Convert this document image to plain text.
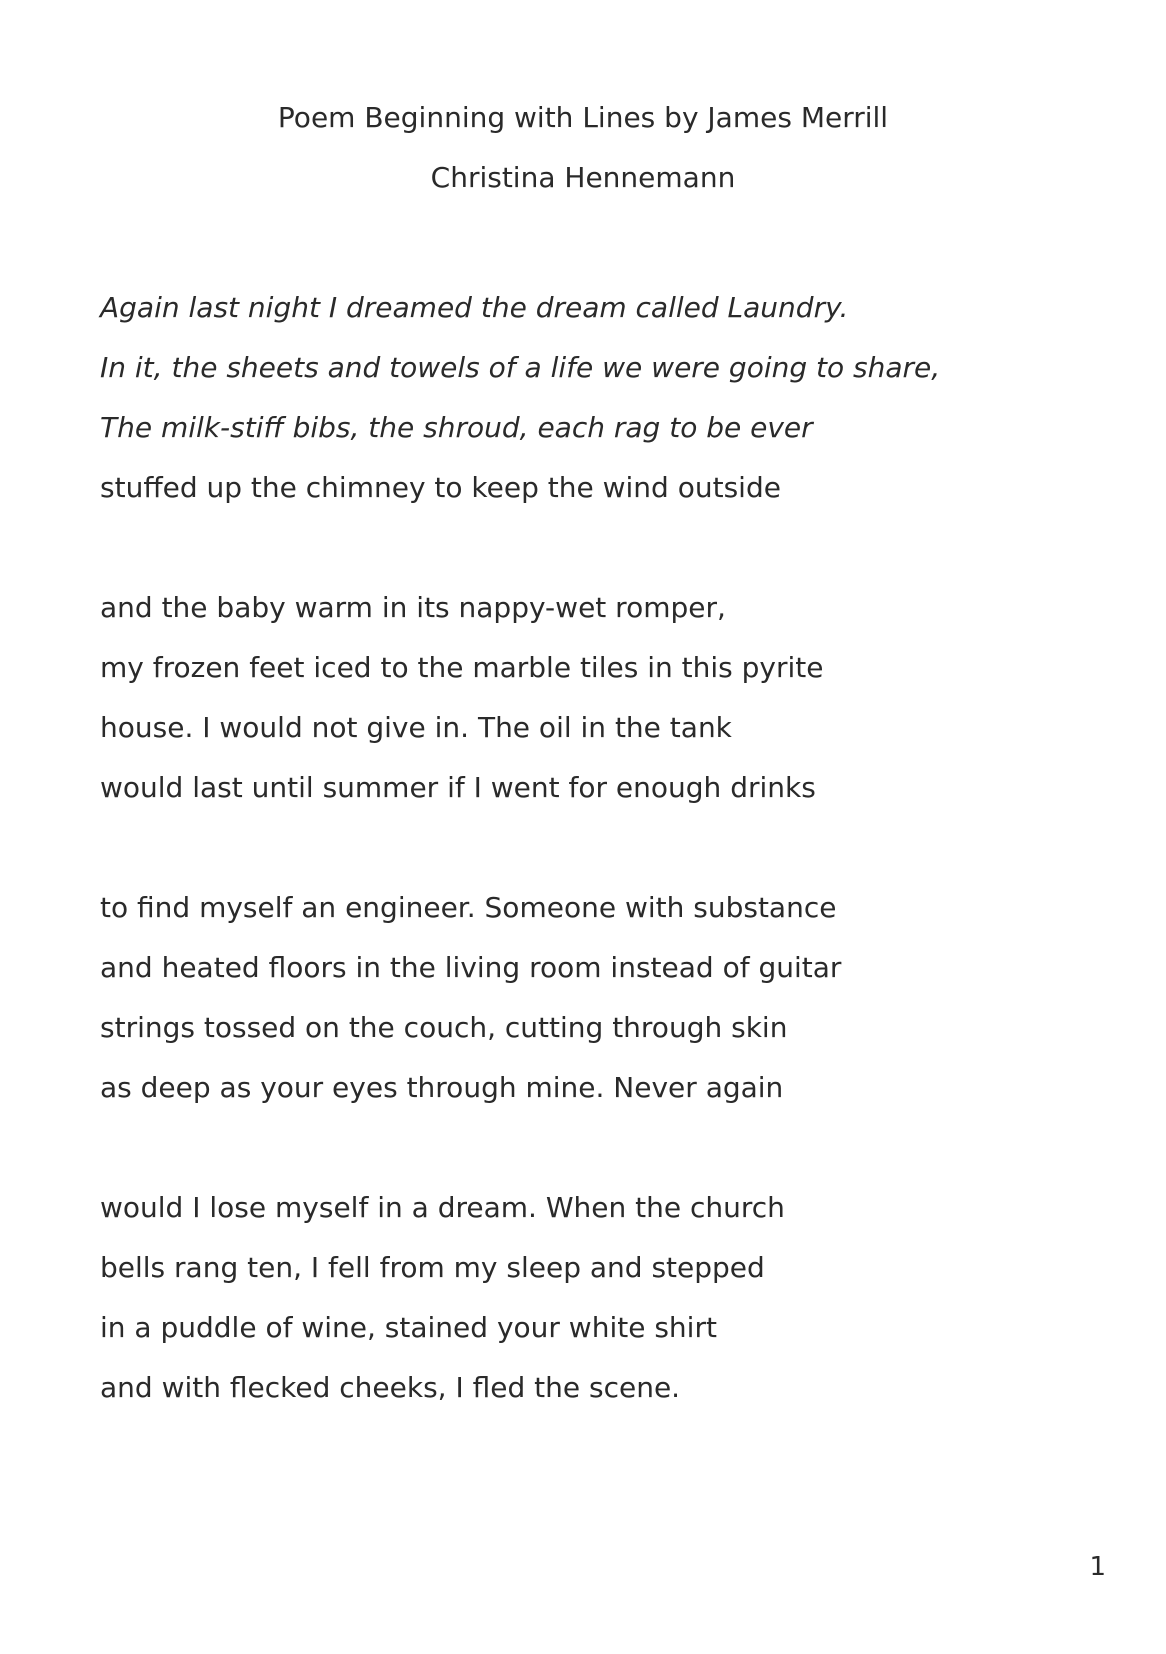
Poem Beginning with Lines by James Merrill
Christina Hennemann
Again last night I dreamed the dream called Laundry.
In it, the sheets and towels of a life we were going to share,
The milk-stiff bibs, the shroud, each rag to be ever
stuffed up the chimney to keep the wind outside
and the baby warm in its nappy-wet romper,
my frozen feet iced to the marble tiles in this pyrite
house. I would not give in. The oil in the tank
would last until summer if I went for enough drinks
to find myself an engineer. Someone with substance
and heated floors in the living room instead of guitar
strings tossed on the couch, cutting through skin
as deep as your eyes through mine. Never again
would I lose myself in a dream. When the church
bells rang ten, I fell from my sleep and stepped
in a puddle of wine, stained your white shirt
and with flecked cheeks, I fled the scene.
1
